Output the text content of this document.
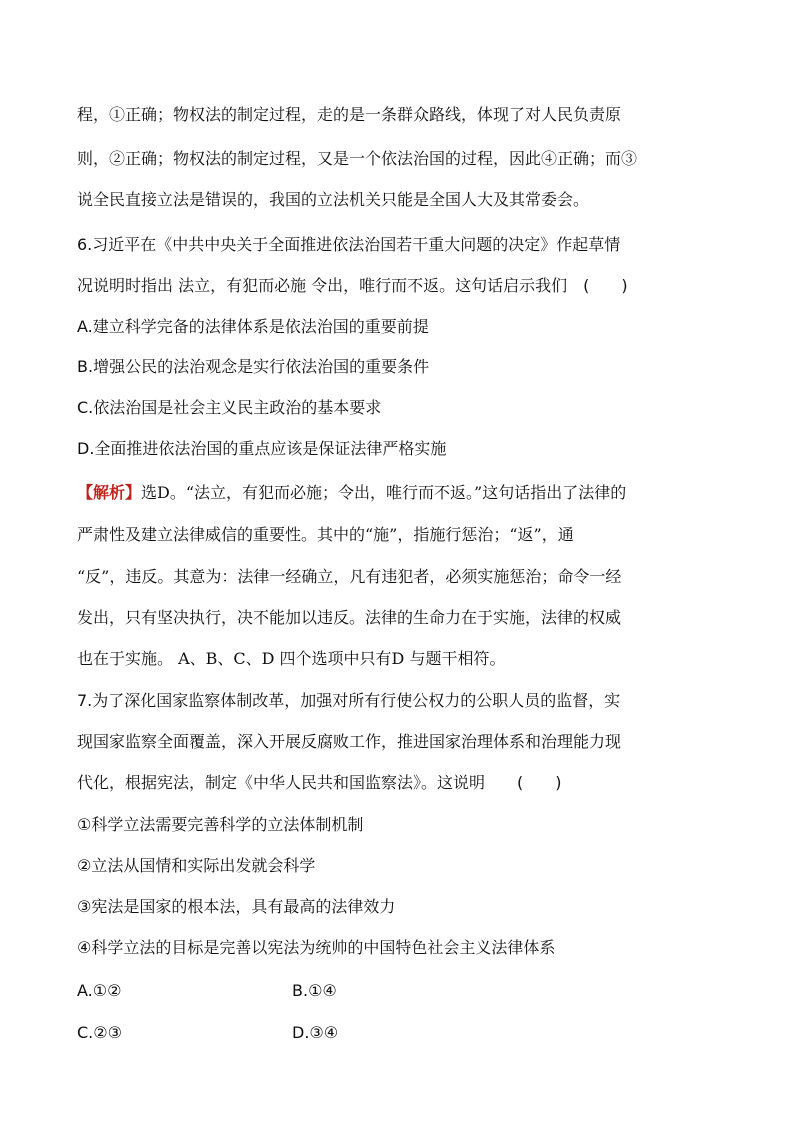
程，①正确；物权法的制定过程，走的是一条群众路线，体现了对人民负责原
则，②正确；物权法的制定过程，又是一个依法治国的过程，因此④正确；而③
说全民直接立法是错误的，我国的立法机关只能是全国人大及其常委会。
6.习近平在《中共中央关于全面推进依法治国若干重大问题的决定》作起草情
况说明时指出 法立，有犯而必施 令出，唯行而不返。这句话启示我们　(　　)
A.建立科学完备的法律体系是依法治国的重要前提
B.增强公民的法治观念是实行依法治国的重要条件
C.依法治国是社会主义民主政治的基本要求
D.全面推进依法治国的重点应该是保证法律严格实施
【解析】选D。“法立，有犯而必施；令出，唯行而不返。”这句话指出了法律的
严肃性及建立法律威信的重要性。其中的“施”，指施行惩治；“返”，通
“反”，违反。其意为：法律一经确立，凡有违犯者，必须实施惩治；命令一经
发出，只有坚决执行，决不能加以违反。法律的生命力在于实施，法律的权威
也在于实施。 A、B、C、D 四个选项中只有D 与题干相符。
7.为了深化国家监察体制改革，加强对所有行使公权力的公职人员的监督，实
现国家监察全面覆盖，深入开展反腐败工作，推进国家治理体系和治理能力现
代化，根据宪法，制定《中华人民共和国监察法》。这说明　　(　　)
①科学立法需要完善科学的立法体制机制
②立法从国情和实际出发就会科学
③宪法是国家的根本法，具有最高的法律效力
④科学立法的目标是完善以宪法为统帅的中国特色社会主义法律体系
A.①②	B.①④
C.②③	D.③④
